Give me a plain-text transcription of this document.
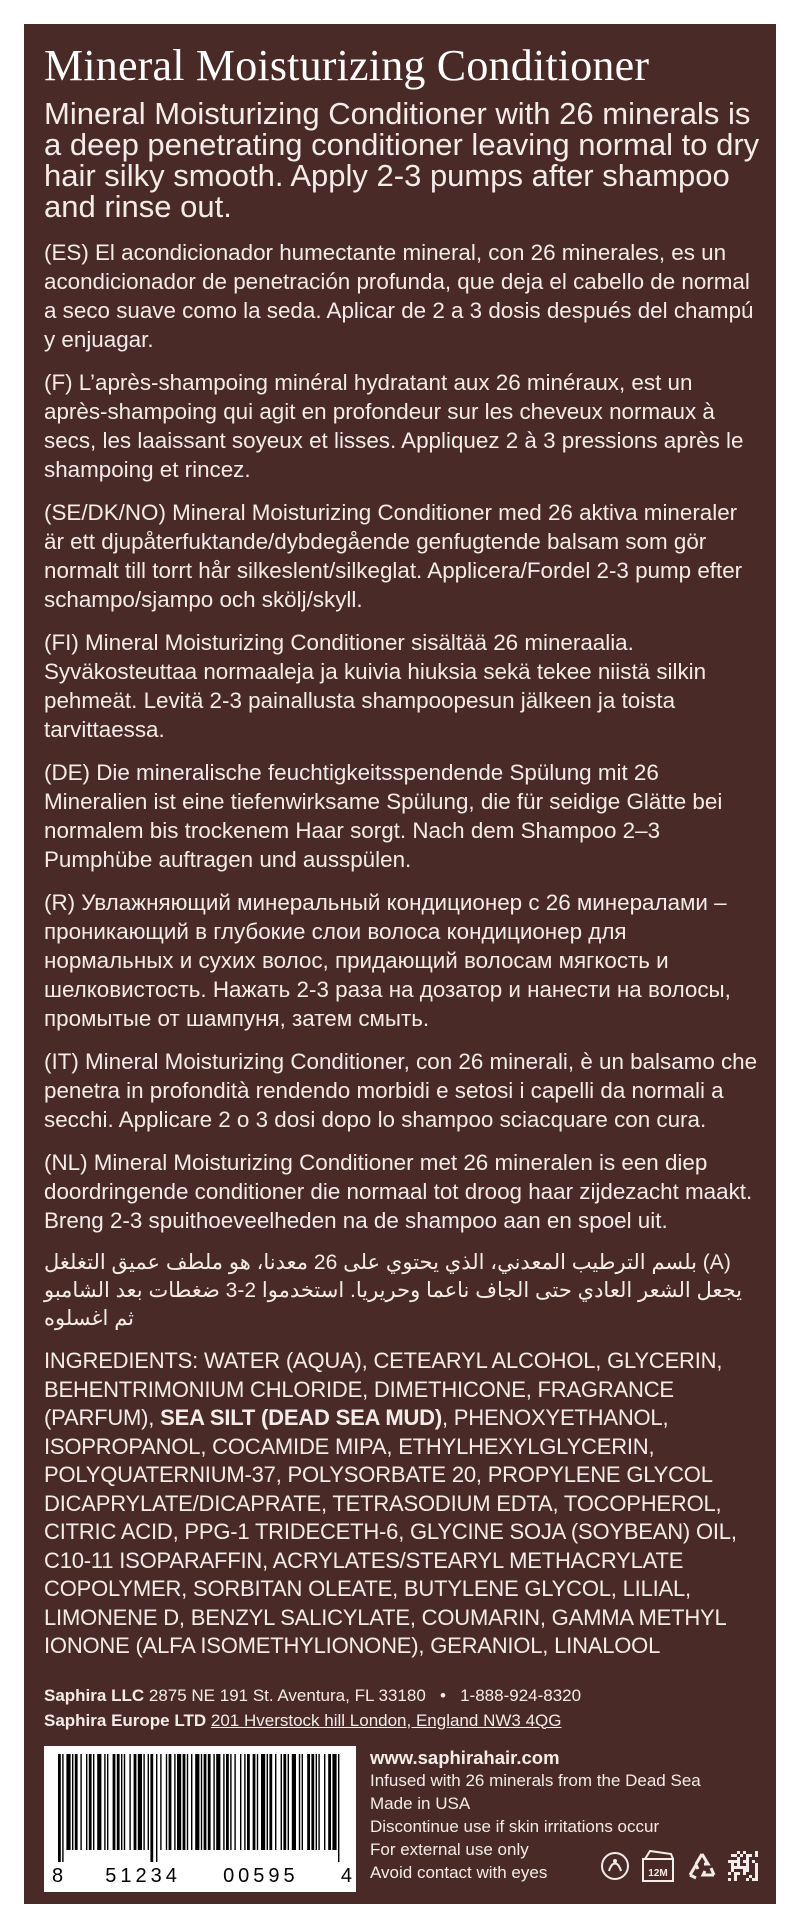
Mineral Moisturizing Conditioner

Mineral Moisturizing Conditioner with 26 minerals is a deep penetrating conditioner leaving normal to dry hair silky smooth. Apply 2-3 pumps after shampoo and rinse out.

(ES) El acondicionador humectante mineral, con 26 minerales, es un acondicionador de penetración profunda, que deja el cabello de normal a seco suave como la seda. Aplicar de 2 a 3 dosis después del champú y enjuagar.

(F) L’après-shampoing minéral hydratant aux 26 minéraux, est un après-shampoing qui agit en profondeur sur les cheveux normaux à secs, les laaissant soyeux et lisses. Appliquez 2 à 3 pressions après le shampoing et rincez.

(SE/DK/NO) Mineral Moisturizing Conditioner med 26 aktiva mineraler är ett djupåterfuktande/dybdegående genfugtende balsam som gör normalt till torrt hår silkeslent/silkeglat. Applicera/Fordel 2-3 pump efter schampo/sjampo och skölj/skyll.

(FI) Mineral Moisturizing Conditioner sisältää 26 mineraalia. Syväkosteuttaa normaaleja ja kuivia hiuksia sekä tekee niistä silkin pehmeät. Levitä 2-3 painallusta shampoopesun jälkeen ja toista tarvittaessa.

(DE) Die mineralische feuchtigkeitsspendende Spülung mit 26 Mineralien ist eine tiefenwirksame Spülung, die für seidige Glätte bei normalem bis trockenem Haar sorgt. Nach dem Shampoo 2–3 Pumphübe auftragen und ausspülen.

(R) Увлажняющий минеральный кондиционер с 26 минералами – проникающий в глубокие слои волоса кондиционер для нормальных и сухих волос, придающий волосам мягкость и шелковистость. Нажать 2-3 раза на дозатор и нанести на волосы, промытые от шампуня, затем смыть.

(IT) Mineral Moisturizing Conditioner, con 26 minerali, è un balsamo che penetra in profondità rendendo morbidi e setosi i capelli da normali a secchi. Applicare 2 o 3 dosi dopo lo shampoo sciacquare con cura.

(NL) Mineral Moisturizing Conditioner met 26 mineralen is een diep doordringende conditioner die normaal tot droog haar zijdezacht maakt. Breng 2-3 spuithoeveelheden na de shampoo aan en spoel uit.

(A) بلسم الترطيب المعدني، الذي يحتوي على 26 معدنا، هو ملطف عميق التغلغل يجعل الشعر العادي حتى الجاف ناعما وحريريا. استخدموا 2-3 ضغطات بعد الشامبو ثم اغسلوه

INGREDIENTS: WATER (AQUA), CETEARYL ALCOHOL, GLYCERIN, BEHENTRIMONIUM CHLORIDE, DIMETHICONE, FRAGRANCE (PARFUM), SEA SILT (DEAD SEA MUD), PHENOXYETHANOL, ISOPROPANOL, COCAMIDE MIPA, ETHYLHEXYLGLYCERIN, POLYQUATERNIUM-37, POLYSORBATE 20, PROPYLENE GLYCOL DICAPRYLATE/DICAPRATE, TETRASODIUM EDTA, TOCOPHEROL, CITRIC ACID, PPG-1 TRIDECETH-6, GLYCINE SOJA (SOYBEAN) OIL, C10-11 ISOPARAFFIN, ACRYLATES/STEARYL METHACRYLATE COPOLYMER, SORBITAN OLEATE, BUTYLENE GLYCOL, LILIAL, LIMONENE D, BENZYL SALICYLATE, COUMARIN, GAMMA METHYL IONONE (ALFA ISOMETHYLIONONE), GERANIOL, LINALOOL

Saphira LLC 2875 NE 191 St. Aventura, FL 33180 • 1-888-924-8320
Saphira Europe LTD 201 Hverstock hill London, England NW3 4QG
8 51234 00595 4
www.saphirahair.com
Infused with 26 minerals from the Dead Sea
Made in USA
Discontinue use if skin irritations occur
For external use only
Avoid contact with eyes	12M
